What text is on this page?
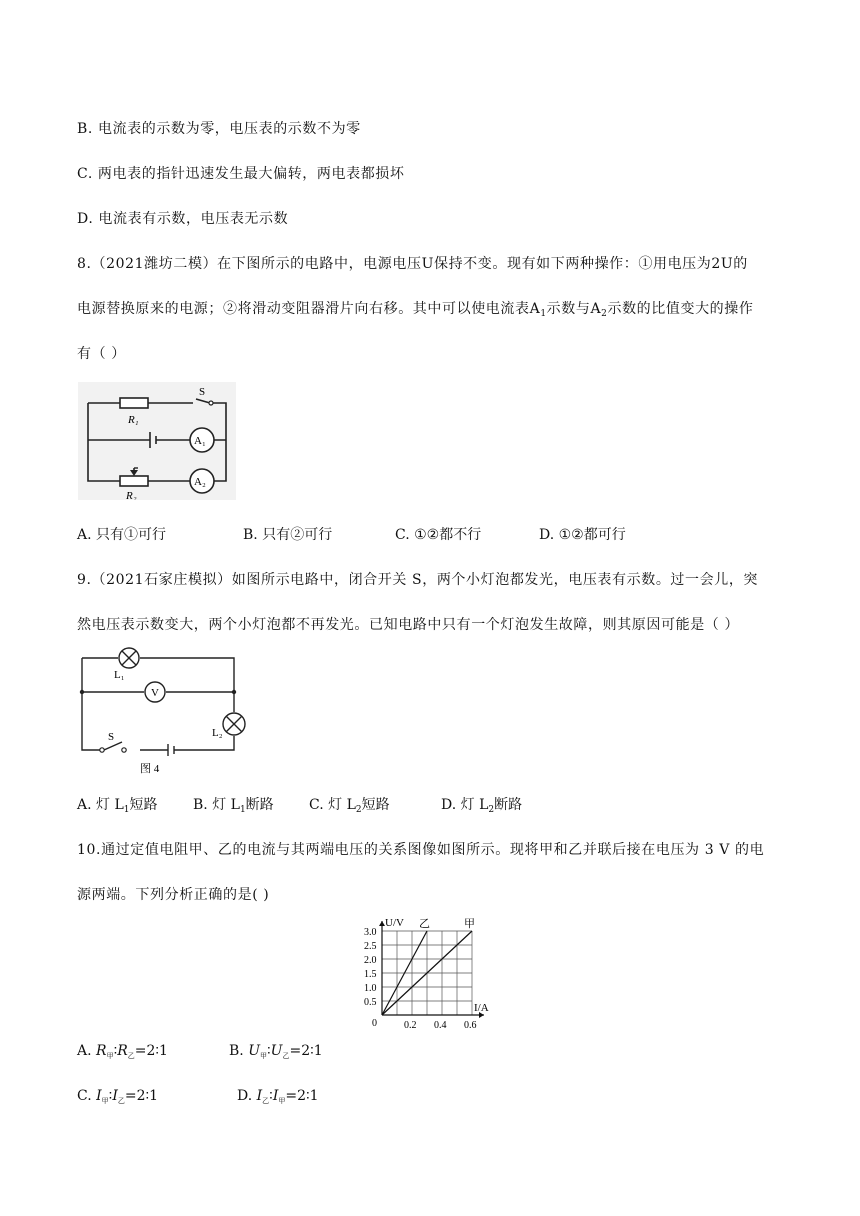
B. 电流表的示数为零，电压表的示数不为零
C. 两电表的指针迅速发生最大偏转，两电表都损坏
D. 电流表有示数，电压表无示数
8.（2021潍坊二模）在下图所示的电路中，电源电压U保持不变。现有如下两种操作：①用电压为2U的
电源替换原来的电源；②将滑动变阻器滑片向右移。其中可以使电流表$A_1$示数与$A_2$示数的比值变大的操作
有（ ）
S
R₁
R₂
A₁
A₂
A. 只有①可行	B. 只有②可行	C. ①②都不行	D. ①②都可行
9.（2021石家庄模拟）如图所示电路中，闭合开关 S，两个小灯泡都发光，电压表有示数。过一会儿，突
然电压表示数变大，两个小灯泡都不再发光。已知电路中只有一个灯泡发生故障，则其原因可能是（ ）
L₁
V
L₂
S
图 4
A. 灯 $L_1$短路	B. 灯 $L_1$断路	C. 灯 $L_2$短路	D. 灯 $L_2$断路
10.通过定值电阻甲、乙的电流与其两端电压的关系图像如图所示。现将甲和乙并联后接在电压为 3 V 的电
源两端。下列分析正确的是( )
乙	甲
0.2 0.4 0.6
0.5
1.0
1.5
2.0
2.5
3.0
U/V
I/A
0
A. $R_甲∶R_乙=2∶1$	B. $U_甲∶U_乙=2∶1$
C. $I_甲∶I_乙=2∶1$	D. $I_乙∶I_甲=2∶1$
